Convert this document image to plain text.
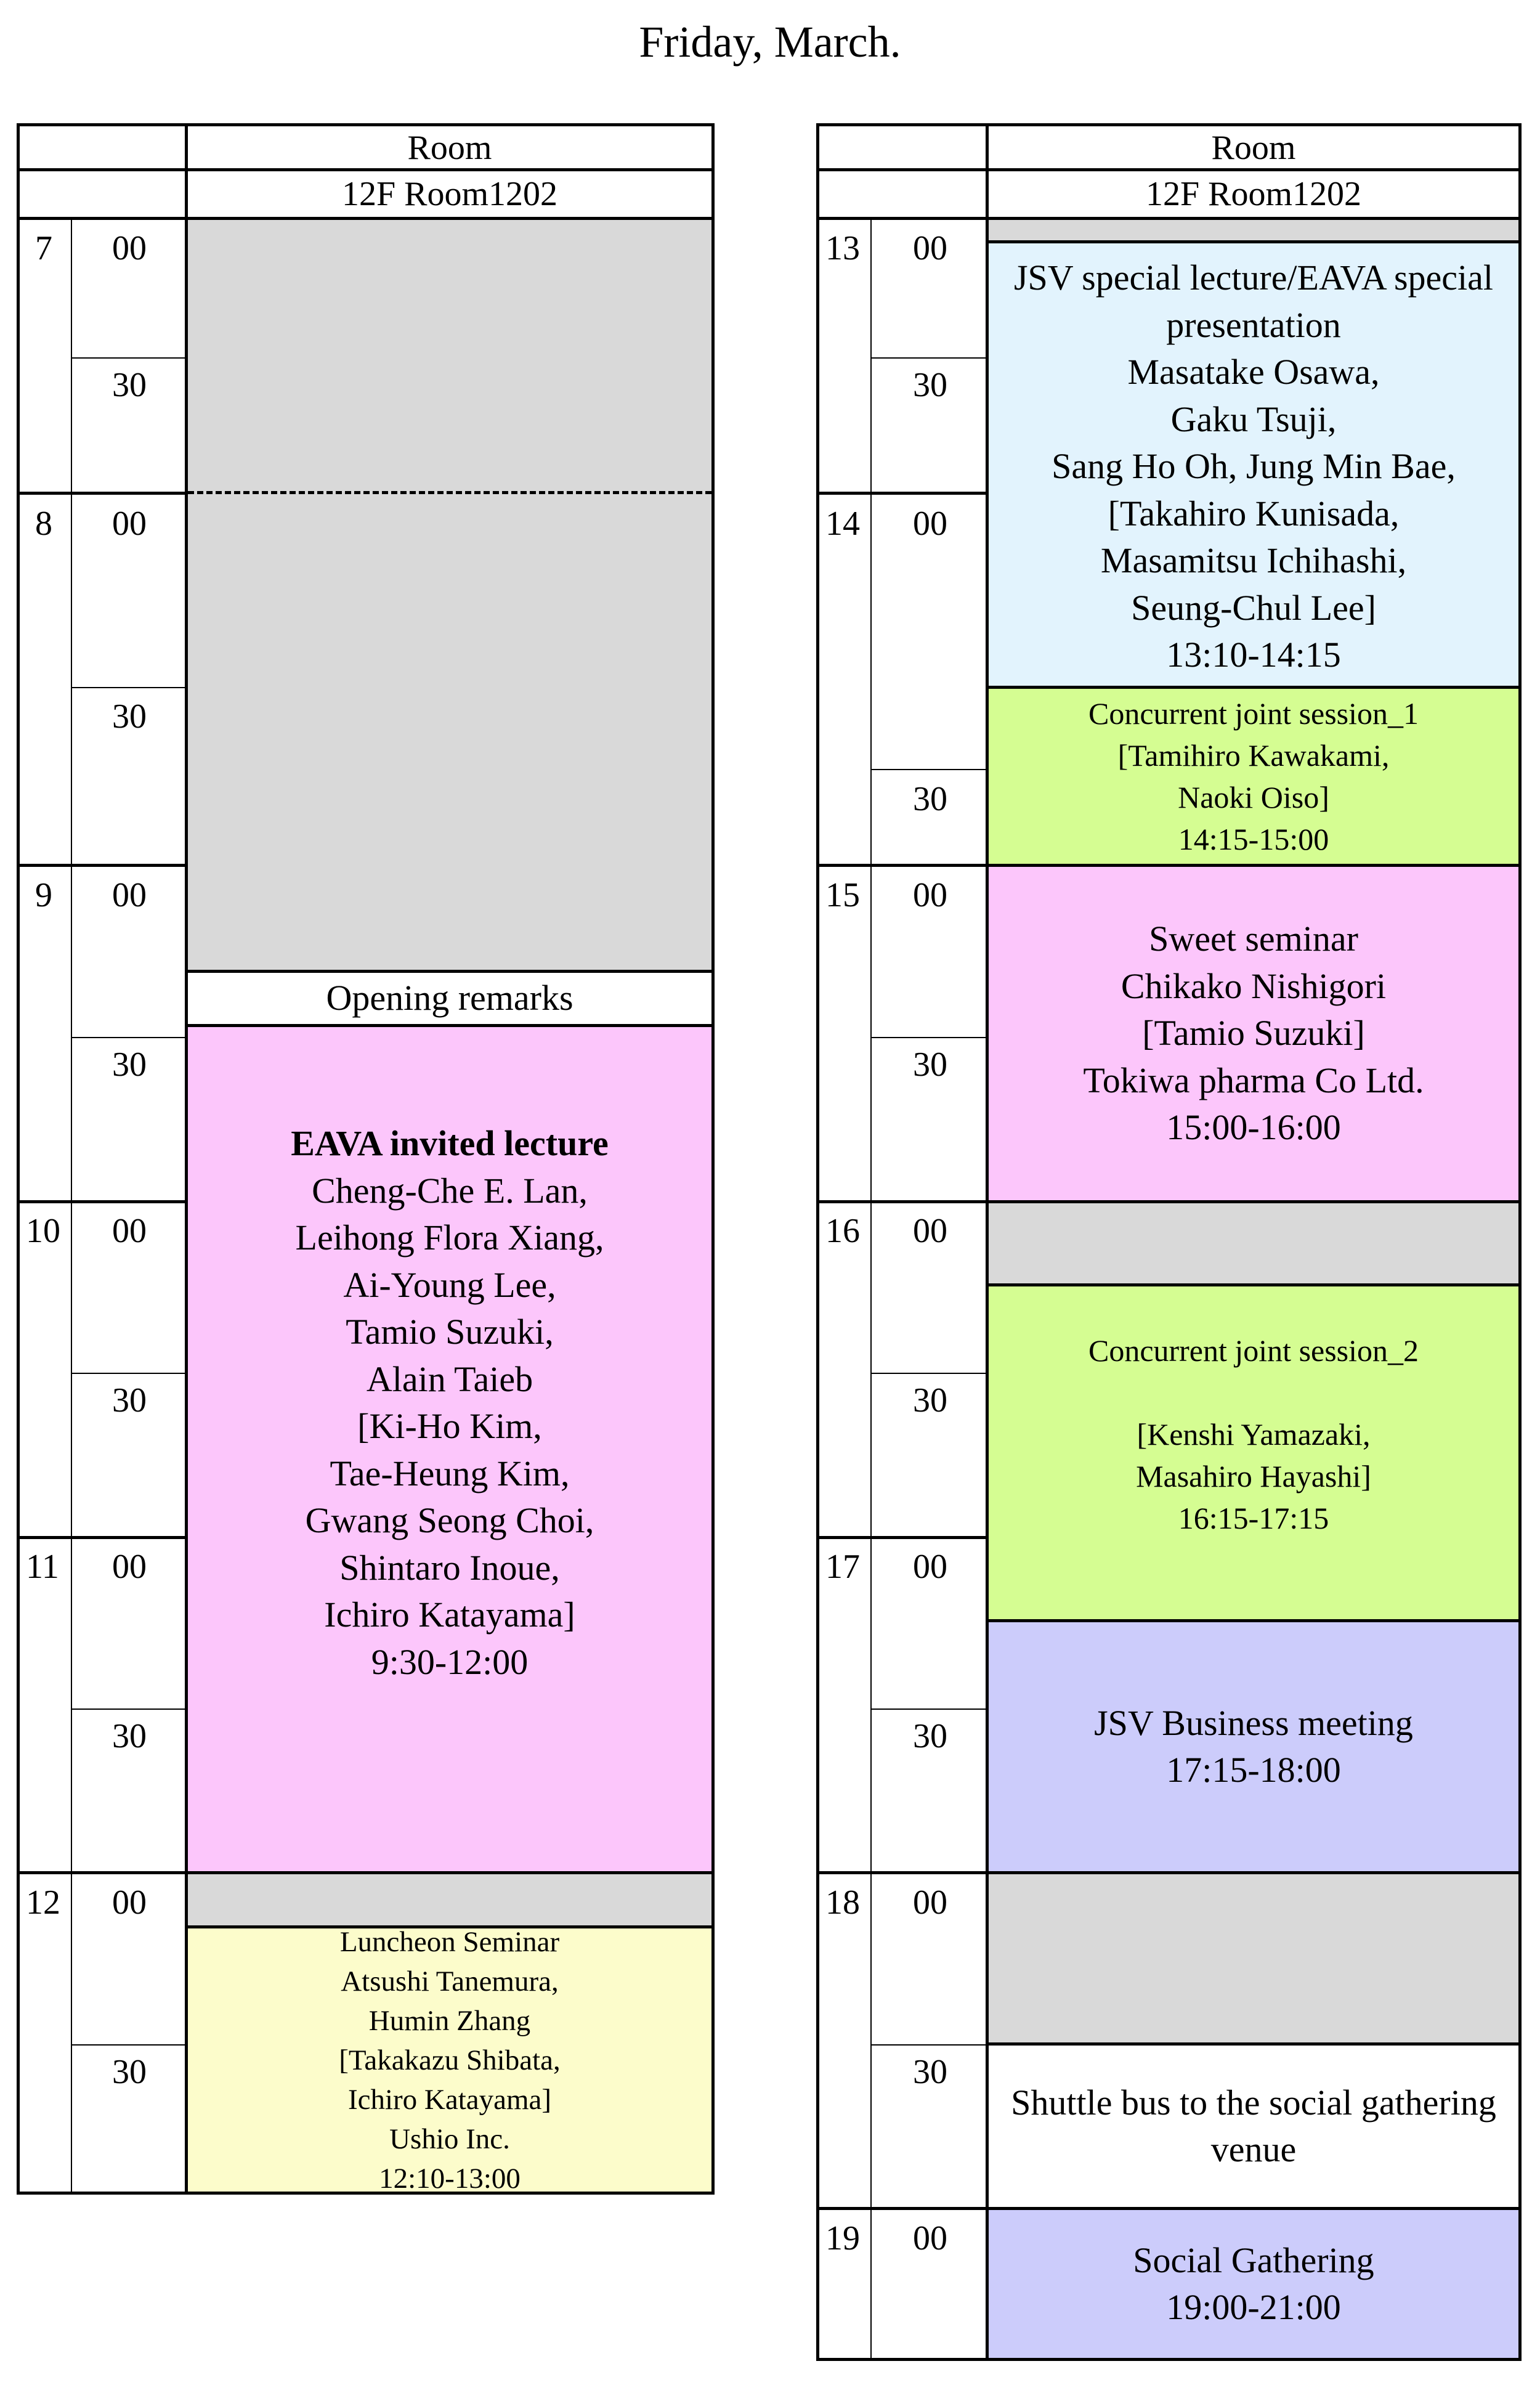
Friday, March.
Room
12F Room1202
7
8
9
10
11
12
00
30
00
30
00
30
00
30
00
30
00
30
Opening remarks
EAVA invited lecture
Cheng-Che E. Lan,
Leihong Flora Xiang,
Ai-Young Lee,
Tamio Suzuki,
Alain Taieb
[Ki-Ho Kim,
Tae-Heung Kim,
Gwang Seong Choi,
Shintaro Inoue,
Ichiro Katayama]
9:30-12:00
Luncheon Seminar
Atsushi Tanemura,
Humin Zhang
[Takakazu Shibata,
Ichiro Katayama]
Ushio Inc.
12:10-13:00
Room
12F Room1202
13
14
15
16
17
18
19
00
30
00
30
00
30
00
30
00
30
00
30
00
JSV special lecture/EAVA special
presentation
Masatake Osawa,
Gaku Tsuji,
Sang Ho Oh, Jung Min Bae,
[Takahiro Kunisada,
Masamitsu Ichihashi,
Seung-Chul Lee]
13:10-14:15
Concurrent joint session_1
[Tamihiro Kawakami,
Naoki Oiso]
14:15-15:00
Sweet seminar
Chikako Nishigori
[Tamio Suzuki]
Tokiwa pharma Co Ltd.
15:00-16:00
Concurrent joint session_2
[Kenshi Yamazaki,
Masahiro Hayashi]
16:15-17:15
JSV Business meeting
17:15-18:00
Shuttle bus to the social gathering
venue
Social Gathering
19:00-21:00
